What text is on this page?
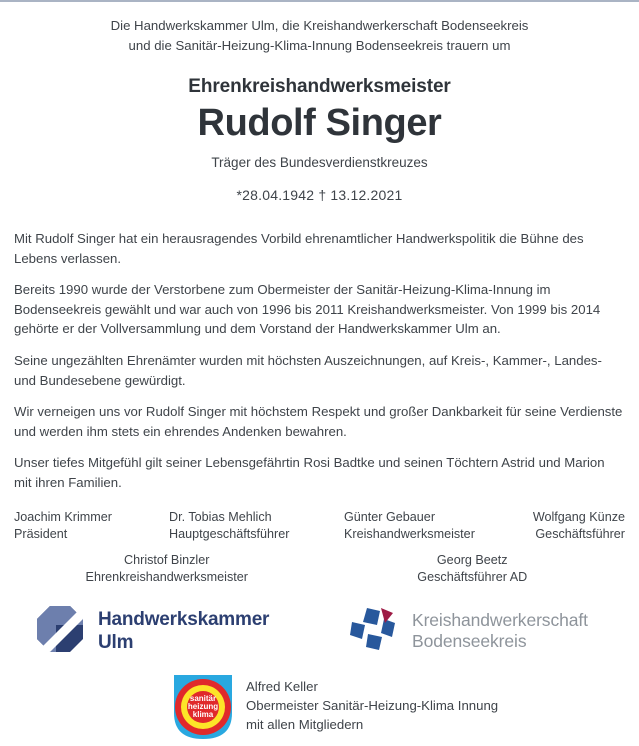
Die Handwerkskammer Ulm, die Kreishandwerkerschaft Bodenseekreis
und die Sanitär-Heizung-Klima-Innung Bodenseekreis trauern um
Ehrenkreishandwerksmeister
Rudolf Singer
Träger des Bundesverdienstkreuzes
*28.04.1942 † 13.12.2021

Mit Rudolf Singer hat ein herausragendes Vorbild ehrenamtlicher Handwerkspolitik die Bühne des Lebens verlassen.

Bereits 1990 wurde der Verstorbene zum Obermeister der Sanitär-Heizung-Klima-Innung im Bodenseekreis gewählt und war auch von 1996 bis 2011 Kreishandwerksmeister. Von 1999 bis 2014 gehörte er der Vollversammlung und dem Vorstand der Handwerkskammer Ulm an.

Seine ungezählten Ehrenämter wurden mit höchsten Auszeichnungen, auf Kreis-, Kammer-, Landes- und Bundesebene gewürdigt.

Wir verneigen uns vor Rudolf Singer mit höchstem Respekt und großer Dankbarkeit für seine Verdienste und werden ihm stets ein ehrendes Andenken bewahren.

Unser tiefes Mitgefühl gilt seiner Lebensgefährtin Rosi Badtke und seinen Töchtern Astrid und Marion mit ihren Familien.

Joachim Krimmer
Präsident
Dr. Tobias Mehlich
Hauptgeschäftsführer
Günter Gebauer
Kreishandwerksmeister
Wolfgang Künze
Geschäftsführer
Christof Binzler
Ehrenkreishandwerksmeister
Georg Beetz
Geschäftsführer AD
Handwerkskammer
Ulm
Kreishandwerkerschaft
Bodenseekreis
sanitär
heizung
klima
Alfred Keller
Obermeister Sanitär-Heizung-Klima Innung
mit allen Mitgliedern
